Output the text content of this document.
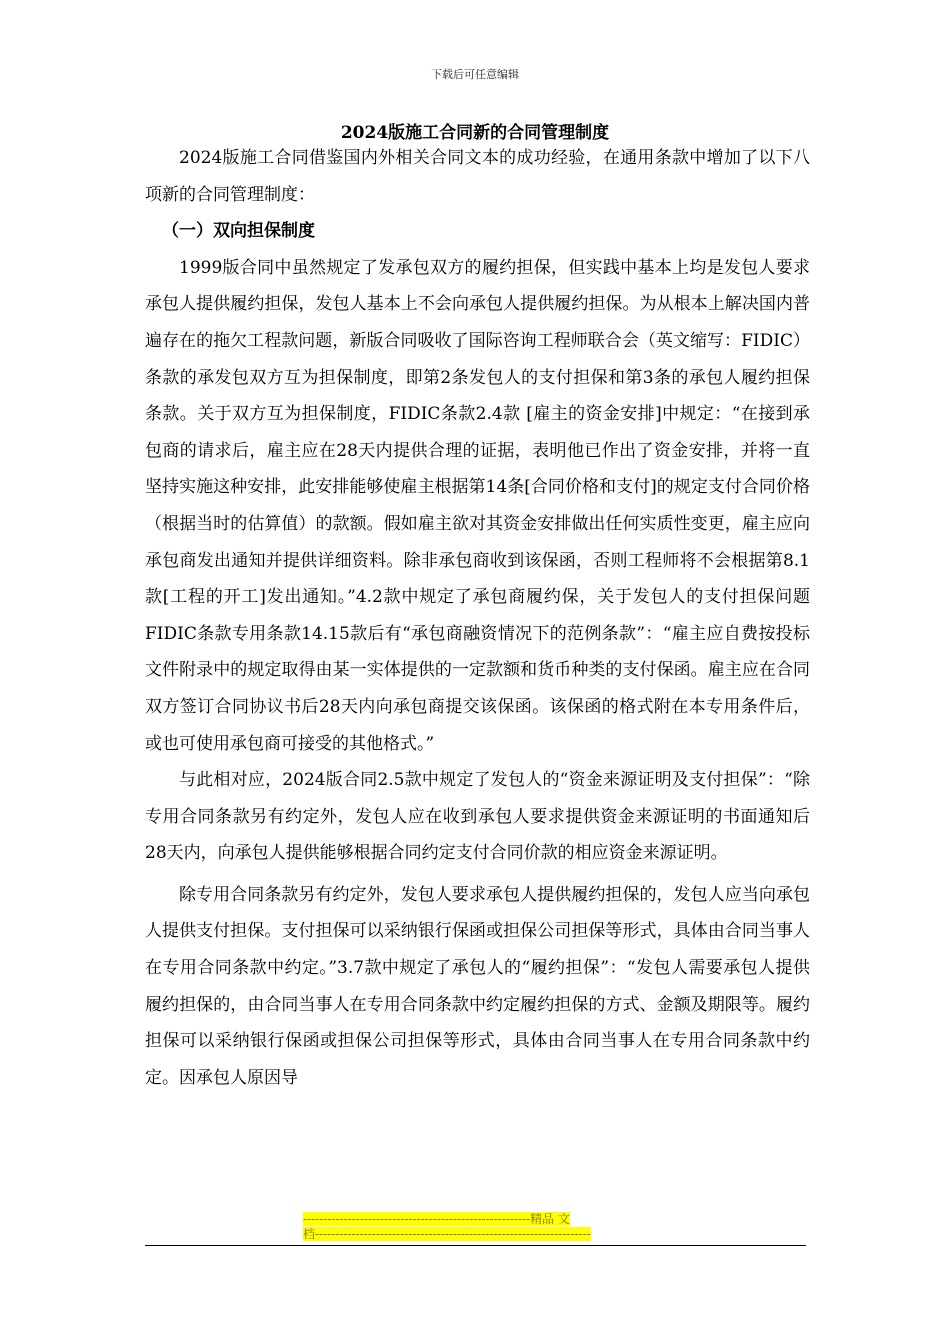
下载后可任意编辑
2024版施工合同新的合同管理制度

2024版施工合同借鉴国内外相关合同文本的成功经验，在通用条款中增加了以下八项新的合同管理制度：

（一）双向担保制度

1999版合同中虽然规定了发承包双方的履约担保，但实践中基本上均是发包人要求承包人提供履约担保，发包人基本上不会向承包人提供履约担保。为从根本上解决国内普遍存在的拖欠工程款问题，新版合同吸收了国际咨询工程师联合会（英文缩写：FIDIC）条款的承发包双方互为担保制度，即第2条发包人的支付担保和第3条的承包人履约担保条款。关于双方互为担保制度，FIDIC条款2.4款 [雇主的资金安排]中规定：“在接到承包商的请求后，雇主应在28天内提供合理的证据，表明他已作出了资金安排，并将一直坚持实施这种安排，此安排能够使雇主根据第14条[合同价格和支付]的规定支付合同价格（根据当时的估算值）的款额。假如雇主欲对其资金安排做出任何实质性变更，雇主应向承包商发出通知并提供详细资料。除非承包商收到该保函，否则工程师将不会根据第8.1款[工程的开工]发出通知。”4.2款中规定了承包商履约保，关于发包人的支付担保问题FIDIC条款专用条款14.15款后有“承包商融资情况下的范例条款”：“雇主应自费按投标文件附录中的规定取得由某一实体提供的一定款额和货币种类的支付保函。雇主应在合同双方签订合同协议书后28天内向承包商提交该保函。该保函的格式附在本专用条件后，或也可使用承包商可接受的其他格式。”

与此相对应，2024版合同2.5款中规定了发包人的“资金来源证明及支付担保”：“除专用合同条款另有约定外，发包人应在收到承包人要求提供资金来源证明的书面通知后28天内，向承包人提供能够根据合同约定支付合同价款的相应资金来源证明。

除专用合同条款另有约定外，发包人要求承包人提供履约担保的，发包人应当向承包人提供支付担保。支付担保可以采纳银行保函或担保公司担保等形式，具体由合同当事人在专用合同条款中约定。”3.7款中规定了承包人的“履约担保”：“发包人需要承包人提供履约担保的，由合同当事人在专用合同条款中约定履约担保的方式、金额及期限等。履约担保可以采纳银行保函或担保公司担保等形式，具体由合同当事人在专用合同条款中约定。因承包人原因导

--------------------------------------------------------精品 文
档--------------------------------------------------------------------
